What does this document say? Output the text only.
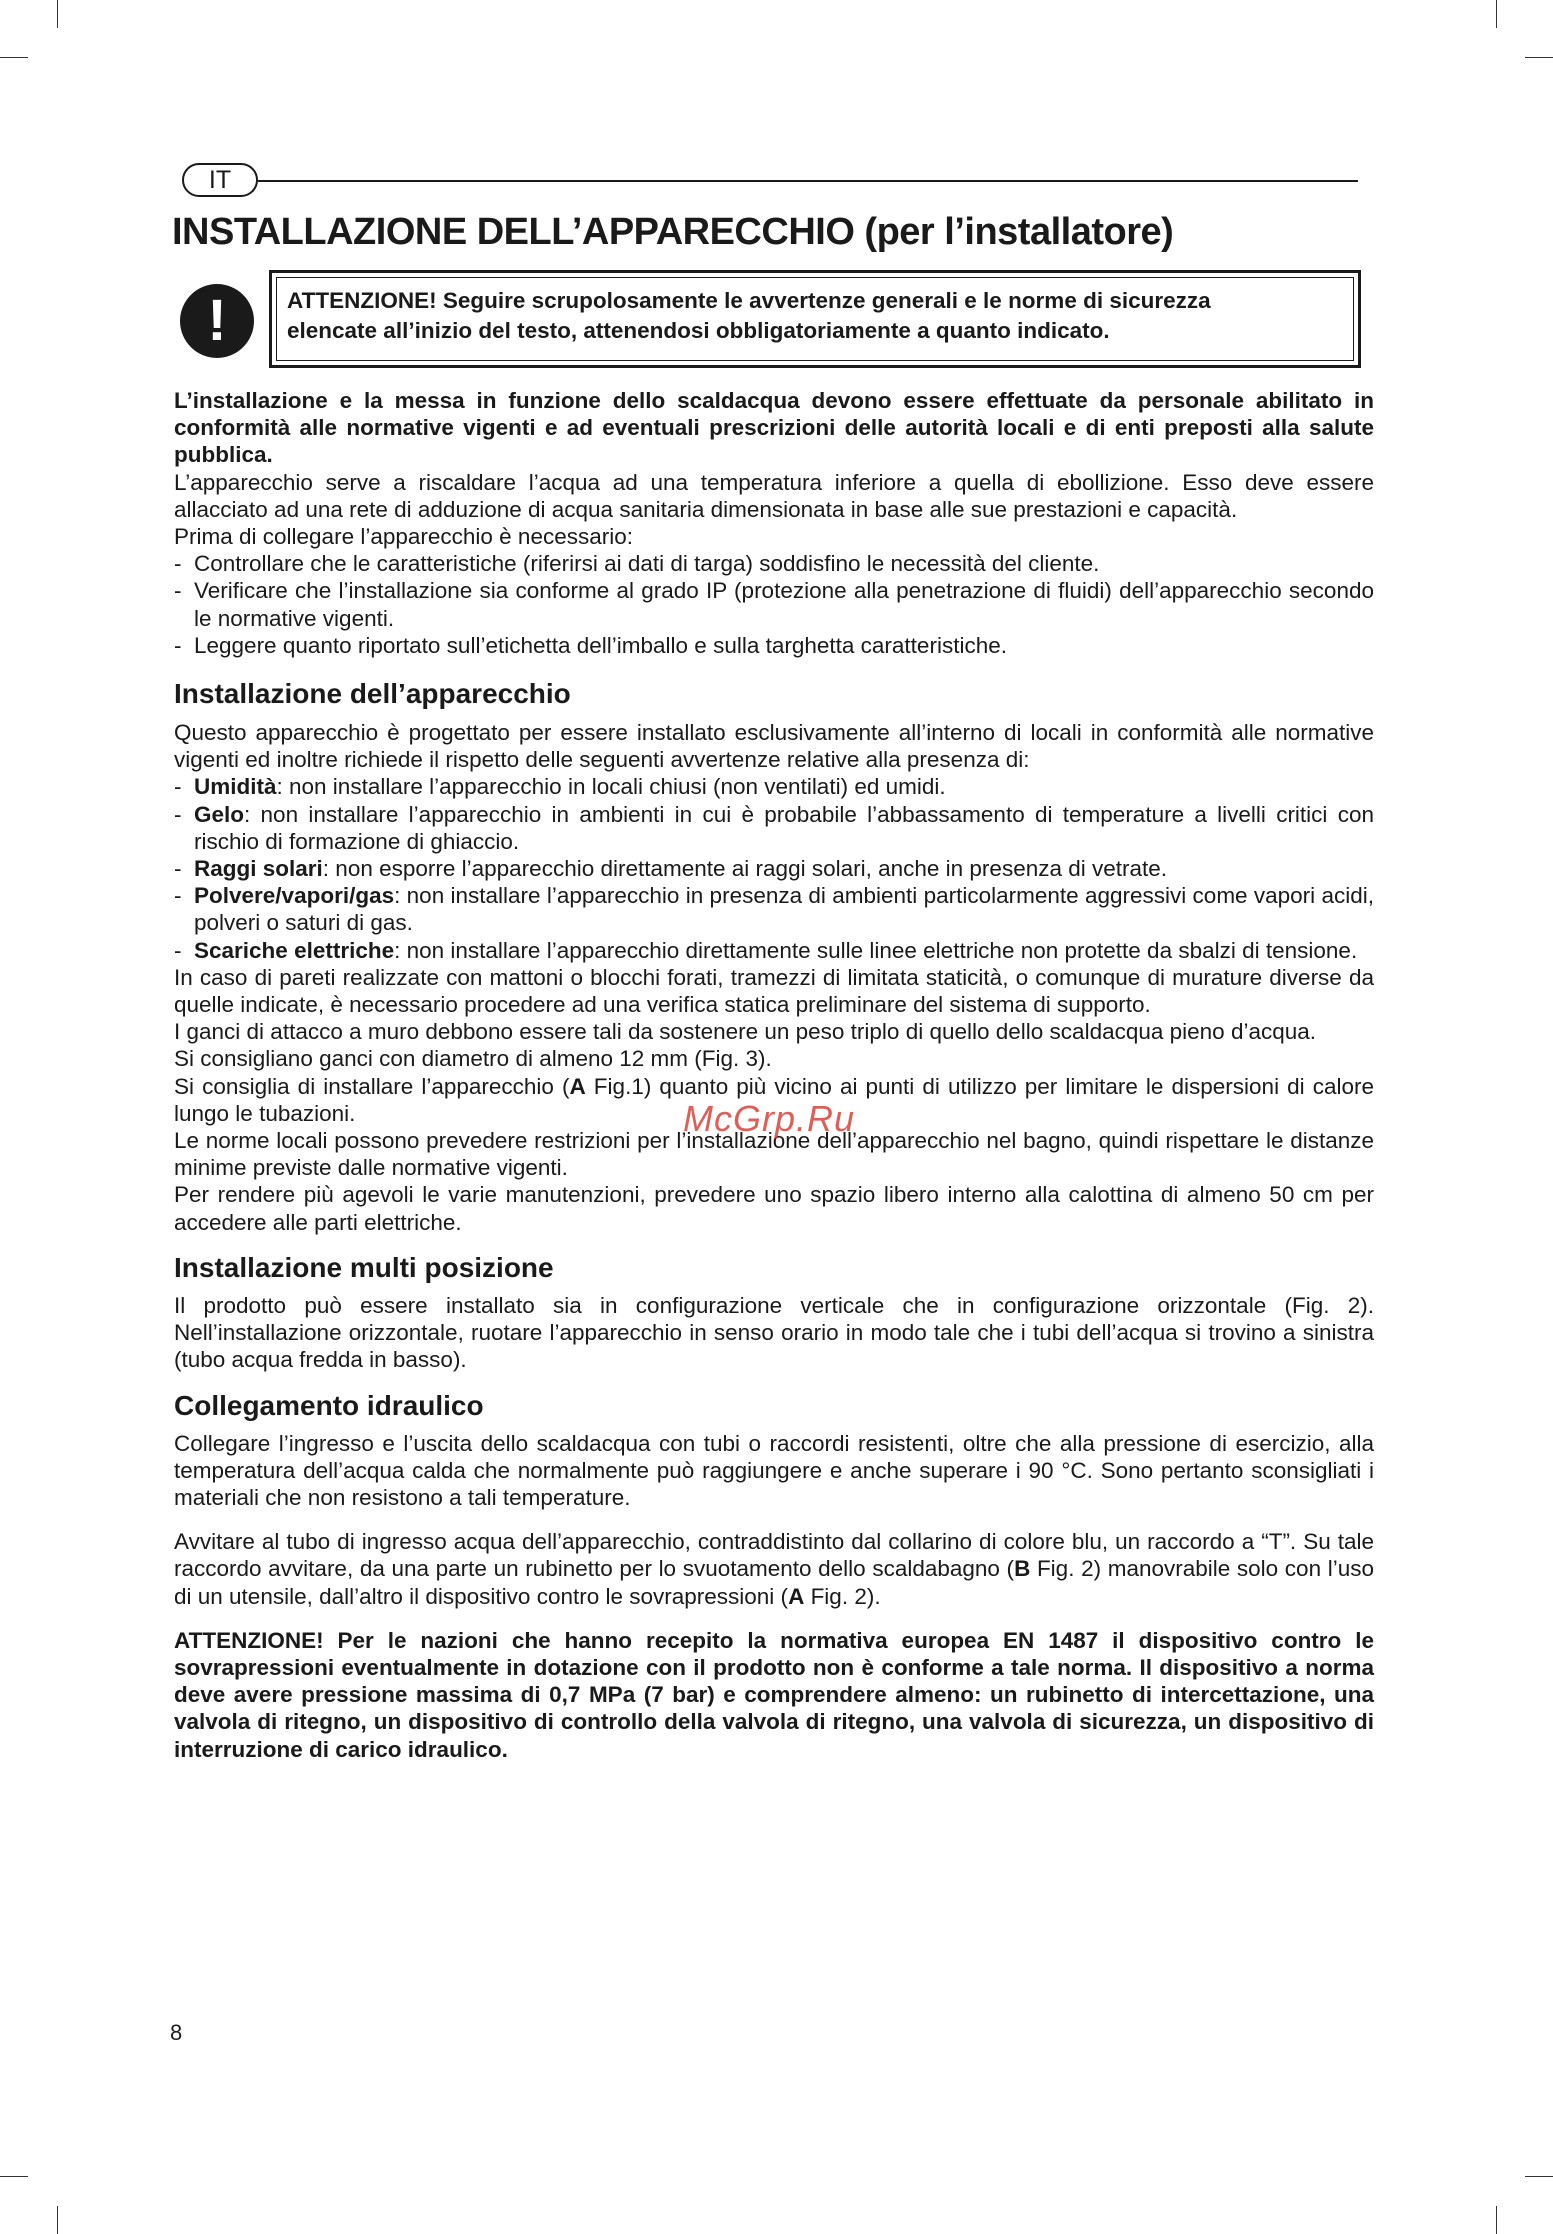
IT
INSTALLAZIONE DELL’APPARECCHIO (per l’installatore)
!	ATTENZIONE! Seguire scrupolosamente le avvertenze generali e le norme di sicurezza
elencate all’inizio del testo, attenendosi obbligatoriamente a quanto indicato.

L’installazione e la messa in funzione dello scaldacqua devono essere effettuate da personale abilitato in conformità alle normative vigenti e ad eventuali prescrizioni delle autorità locali e di enti preposti alla salute pubblica.

L’apparecchio serve a riscaldare l’acqua ad una temperatura inferiore a quella di ebollizione. Esso deve essere allacciato ad una rete di adduzione di acqua sanitaria dimensionata in base alle sue prestazioni e capacità.

Prima di collegare l’apparecchio è necessario:

- Controllare che le caratteristiche (riferirsi ai dati di targa) soddisfino le necessità del cliente.
- Verificare che l’installazione sia conforme al grado IP (protezione alla penetrazione di fluidi) dell’apparecchio secondo le normative vigenti.
- Leggere quanto riportato sull’etichetta dell’imballo e sulla targhetta caratteristiche.
Installazione dell’apparecchio

Questo apparecchio è progettato per essere installato esclusivamente all’interno di locali in conformità alle normative vigenti ed inoltre richiede il rispetto delle seguenti avvertenze relative alla presenza di:

- Umidità: non installare l’apparecchio in locali chiusi (non ventilati) ed umidi.
- Gelo: non installare l’apparecchio in ambienti in cui è probabile l’abbassamento di temperature a livelli critici con rischio di formazione di ghiaccio.
- Raggi solari: non esporre l’apparecchio direttamente ai raggi solari, anche in presenza di vetrate.
- Polvere/vapori/gas: non installare l’apparecchio in presenza di ambienti particolarmente aggressivi come vapori acidi, polveri o saturi di gas.
- Scariche elettriche: non installare l’apparecchio direttamente sulle linee elettriche non protette da sbalzi di tensione.

In caso di pareti realizzate con mattoni o blocchi forati, tramezzi di limitata staticità, o comunque di murature diverse da quelle indicate, è necessario procedere ad una verifica statica preliminare del sistema di supporto.

I ganci di attacco a muro debbono essere tali da sostenere un peso triplo di quello dello scaldacqua pieno d’acqua.

Si consigliano ganci con diametro di almeno 12 mm (Fig. 3).

Si consiglia di installare l’apparecchio (A Fig.1) quanto più vicino ai punti di utilizzo per limitare le dispersioni di calore lungo le tubazioni.

Le norme locali possono prevedere restrizioni per l’installazione dell’apparecchio nel bagno, quindi rispettare le distanze minime previste dalle normative vigenti.

Per rendere più agevoli le varie manutenzioni, prevedere uno spazio libero interno alla calottina di almeno 50 cm per accedere alle parti elettriche.

Installazione multi posizione

Il prodotto può essere installato sia in configurazione verticale che in configurazione orizzontale (Fig. 2). Nell’installazione orizzontale, ruotare l’apparecchio in senso orario in modo tale che i tubi dell’acqua si trovino a sinistra (tubo acqua fredda in basso).

Collegamento idraulico

Collegare l’ingresso e l’uscita dello scaldacqua con tubi o raccordi resistenti, oltre che alla pressione di esercizio, alla temperatura dell’acqua calda che normalmente può raggiungere e anche superare i 90 °C. Sono pertanto sconsigliati i materiali che non resistono a tali temperature.

Avvitare al tubo di ingresso acqua dell’apparecchio, contraddistinto dal collarino di colore blu, un raccordo a “T”. Su tale raccordo avvitare, da una parte un rubinetto per lo svuotamento dello scaldabagno (B Fig. 2) manovrabile solo con l’uso di un utensile, dall’altro il dispositivo contro le sovrapressioni (A Fig. 2).

ATTENZIONE! Per le nazioni che hanno recepito la normativa europea EN 1487 il dispositivo contro le sovrapressioni eventualmente in dotazione con il prodotto non è conforme a tale norma. Il dispositivo a norma deve avere pressione massima di 0,7 MPa (7 bar) e comprendere almeno: un rubinetto di intercettazione, una valvola di ritegno, un dispositivo di controllo della valvola di ritegno, una valvola di sicurezza, un dispositivo di interruzione di carico idraulico.

McGrp.Ru
8
